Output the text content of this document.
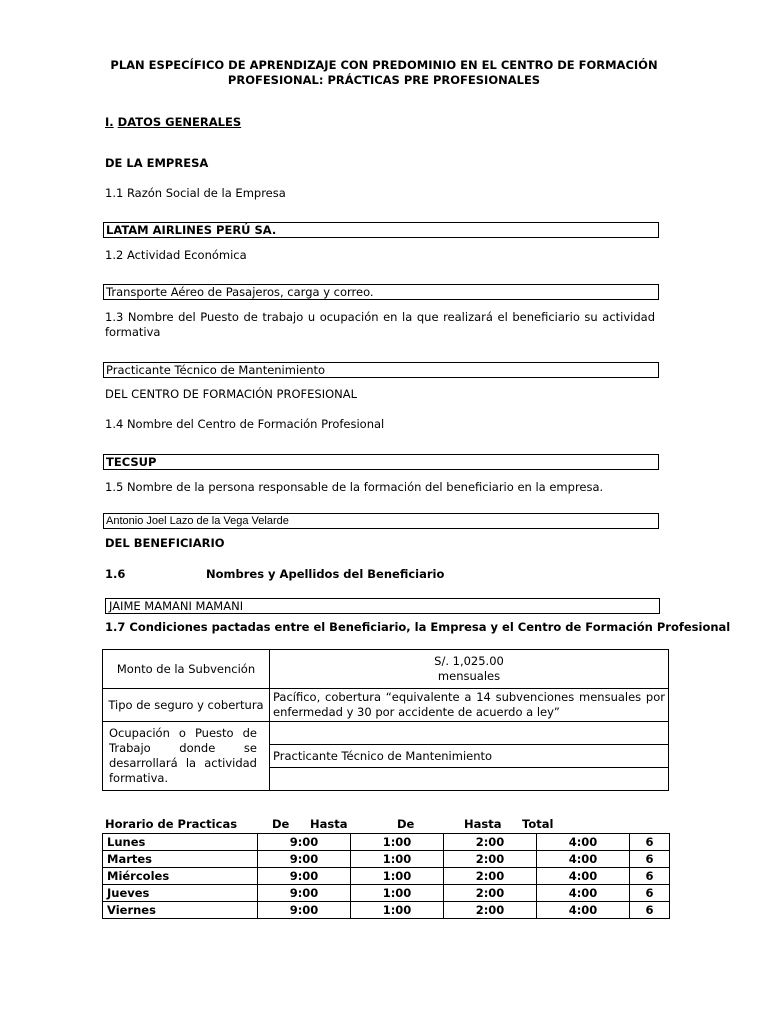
PLAN ESPECÍFICO DE APRENDIZAJE CON PREDOMINIO EN EL CENTRO DE FORMACIÓN
PROFESIONAL: PRÁCTICAS PRE PROFESIONALES
I. DATOS GENERALES
DE LA EMPRESA
1.1 Razón Social de la Empresa
LATAM AIRLINES PERÚ SA.
1.2 Actividad Económica
Transporte Aéreo de Pasajeros, carga y correo.
1.3 Nombre del Puesto de trabajo u ocupación en la que realizará el beneficiario su actividad
formativa
Practicante Técnico de Mantenimiento
DEL CENTRO DE FORMACIÓN PROFESIONAL
1.4 Nombre del Centro de Formación Profesional
TECSUP
1.5 Nombre de la persona responsable de la formación del beneficiario en la empresa.
Antonio Joel Lazo de la Vega Velarde
DEL BENEFICIARIO
1.6	Nombres y Apellidos del Beneficiario
JAIME MAMANI MAMANI
1.7 Condiciones pactadas entre el Beneficiario, la Empresa y el Centro de Formación Profesional
Monto de la Subvención	S/. 1,025.00
mensuales

Tipo de seguro y cobertura	Pacífico, cobertura “equivalente a 14 subvenciones mensuales por
enfermedad y 30 por accidente de acuerdo a ley”

Ocupación o Puesto de Trabajo donde se desarrollará la actividad formativa.	
	Practicante Técnico de Mantenimiento

Horario de Practicas	De Hasta	De	Hasta Total
Lunes	9:00	1:00	2:00	4:00	6
Martes	9:00	1:00	2:00	4:00	6
Miércoles	9:00	1:00	2:00	4:00	6
Jueves	9:00	1:00	2:00	4:00	6
Viernes	9:00	1:00	2:00	4:00	6
